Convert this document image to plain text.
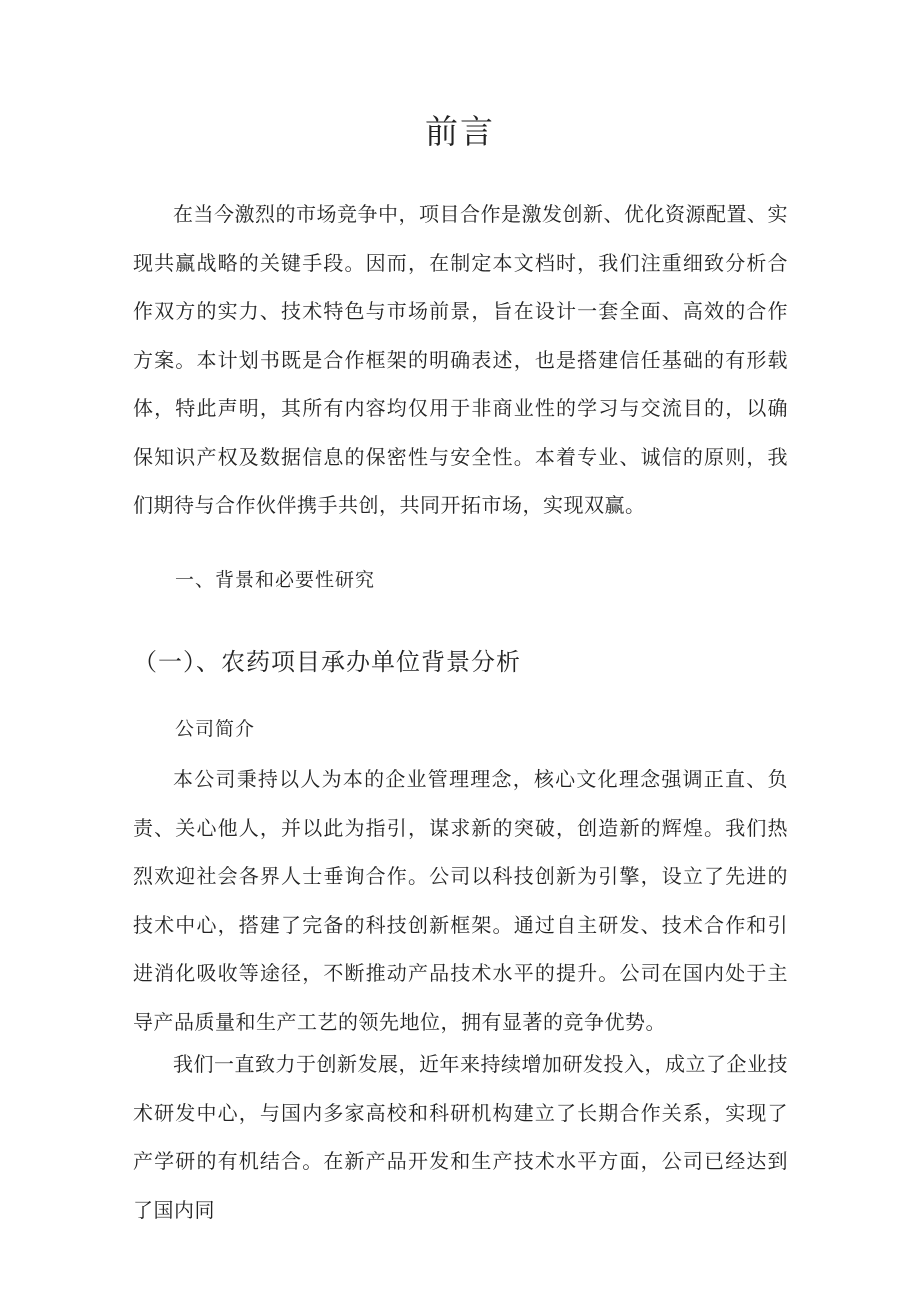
前言

在当今激烈的市场竞争中，项目合作是激发创新、优化资源配置、实现共赢战略的关键手段。因而，在制定本文档时，我们注重细致分析合作双方的实力、技术特色与市场前景，旨在设计一套全面、高效的合作方案。本计划书既是合作框架的明确表述，也是搭建信任基础的有形载体，特此声明，其所有内容均仅用于非商业性的学习与交流目的，以确保知识产权及数据信息的保密性与安全性。本着专业、诚信的原则，我们期待与合作伙伴携手共创，共同开拓市场，实现双赢。

一、背景和必要性研究
（一）、农药项目承办单位背景分析
公司简介

本公司秉持以人为本的企业管理理念，核心文化理念强调正直、负责、关心他人，并以此为指引，谋求新的突破，创造新的辉煌。我们热烈欢迎社会各界人士垂询合作。公司以科技创新为引擎，设立了先进的技术中心，搭建了完备的科技创新框架。通过自主研发、技术合作和引进消化吸收等途径，不断推动产品技术水平的提升。公司在国内处于主导产品质量和生产工艺的领先地位，拥有显著的竞争优势。

我们一直致力于创新发展，近年来持续增加研发投入，成立了企业技术研发中心，与国内多家高校和科研机构建立了长期合作关系，实现了产学研的有机结合。在新产品开发和生产技术水平方面，公司已经达到了国内同
